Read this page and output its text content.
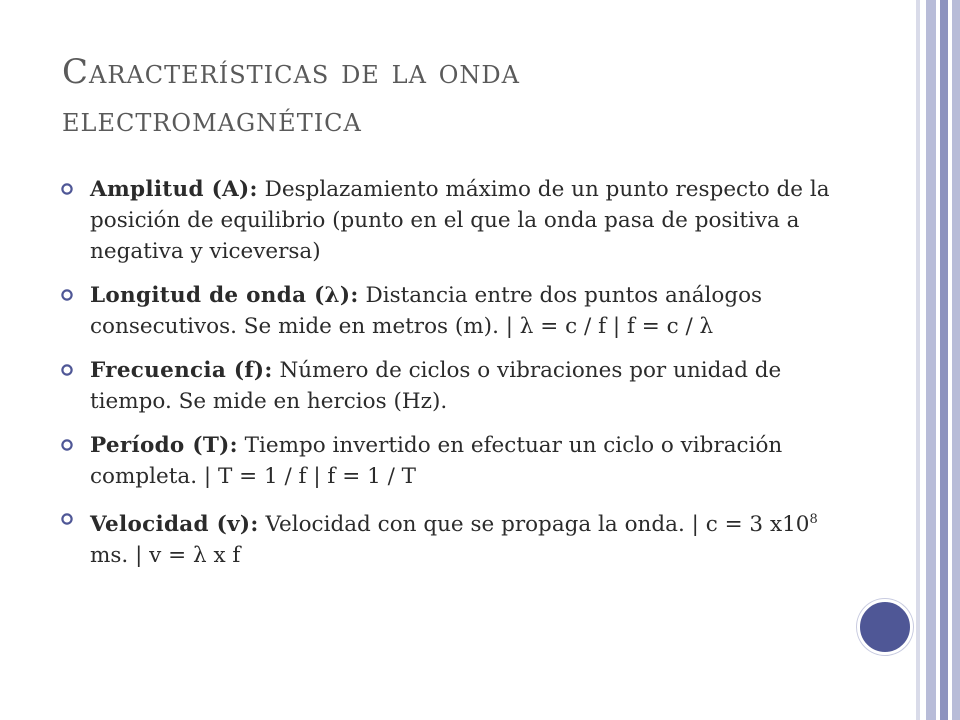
Características de la onda
electromagnética
Amplitud (A): Desplazamiento máximo de un punto respecto de la posición de equilibrio (punto en el que la onda pasa de positiva a negativa y viceversa)
Longitud de onda (λ): Distancia entre dos puntos análogos consecutivos. Se mide en metros (m). | λ = c / f | f = c / λ
Frecuencia (f): Número de ciclos o vibraciones por unidad de tiempo. Se mide en hercios (Hz).
Período (T): Tiempo invertido en efectuar un ciclo o vibración completa. | T = 1 / f | f = 1 / T
Velocidad (v): Velocidad con que se propaga la onda. | c = 3 $x10^8$ ms. | v = λ x f
